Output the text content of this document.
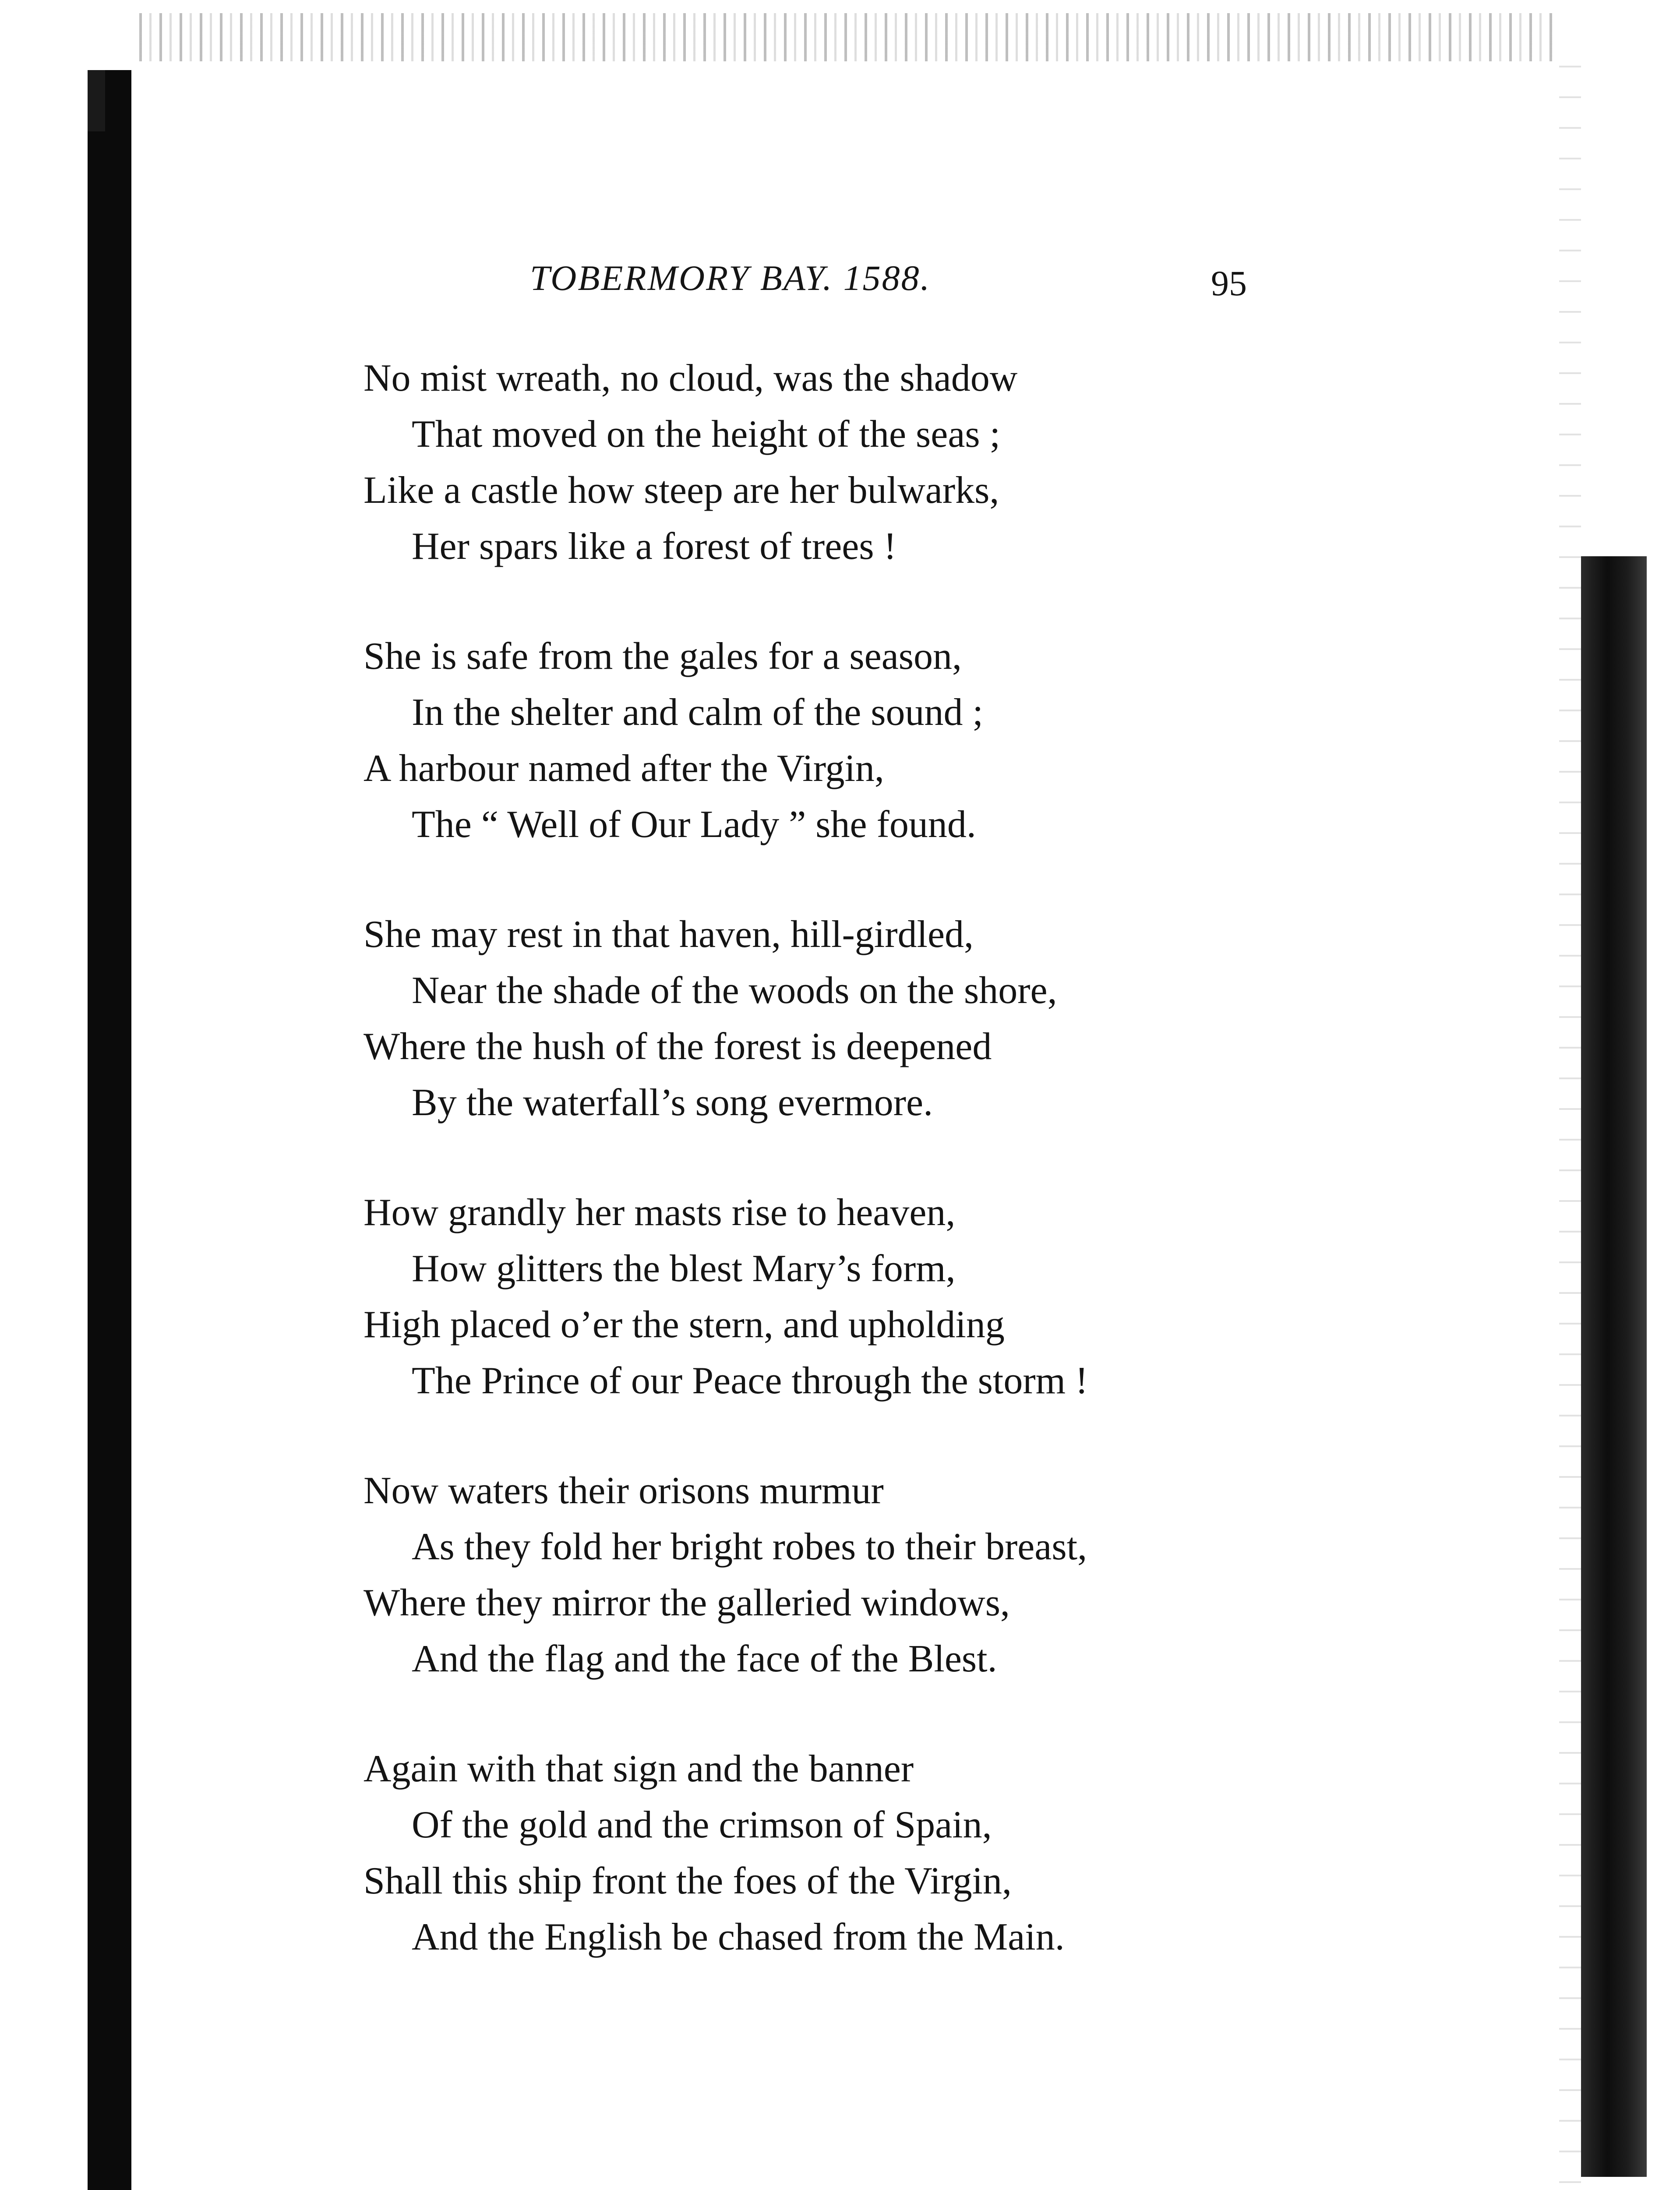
TOBERMORY BAY. 1588.	95
No mist wreath, no cloud, was the shadow
That moved on the height of the seas ;
Like a castle how steep are her bulwarks,
Her spars like a forest of trees !
She is safe from the gales for a season,
In the shelter and calm of the sound ;
A harbour named after the Virgin,
The “ Well of Our Lady ” she found.
She may rest in that haven, hill-girdled,
Near the shade of the woods on the shore,
Where the hush of the forest is deepened
By the waterfall’s song evermore.
How grandly her masts rise to heaven,
How glitters the blest Mary’s form,
High placed o’er the stern, and upholding
The Prince of our Peace through the storm !
Now waters their orisons murmur
As they fold her bright robes to their breast,
Where they mirror the galleried windows,
And the flag and the face of the Blest.
Again with that sign and the banner
Of the gold and the crimson of Spain,
Shall this ship front the foes of the Virgin,
And the English be chased from the Main.
